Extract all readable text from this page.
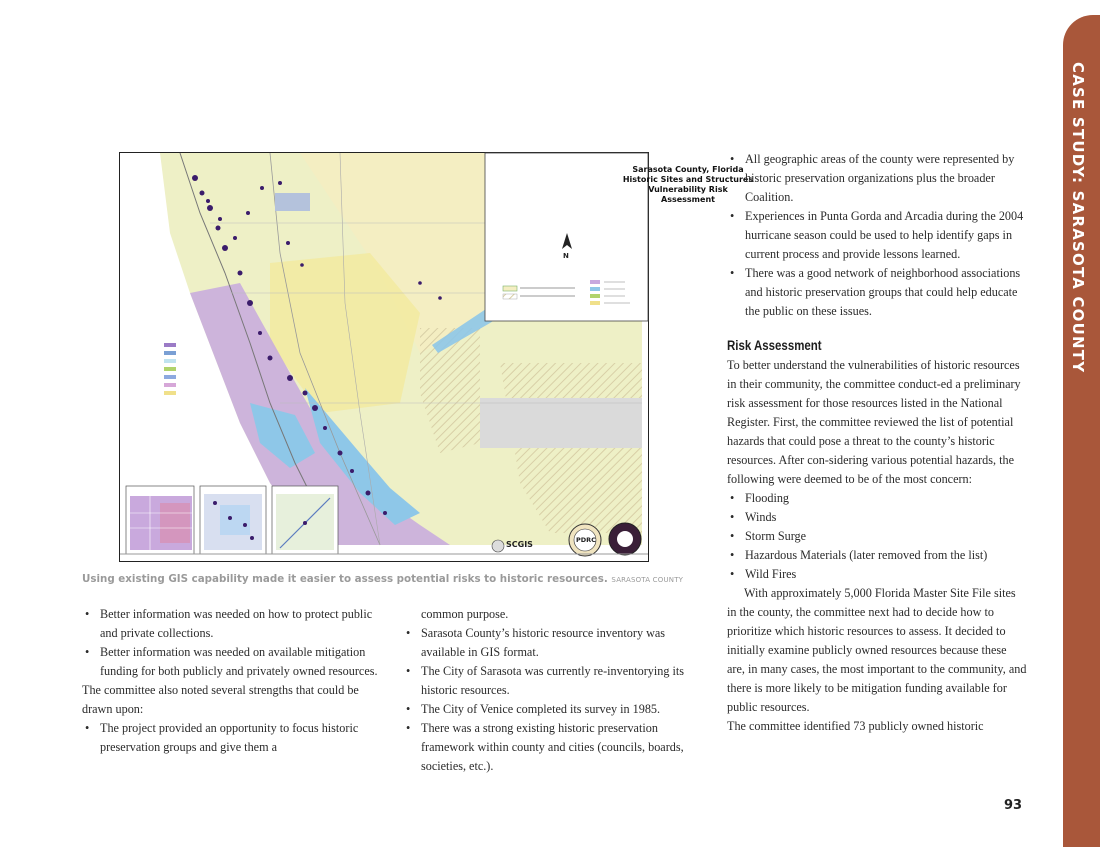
CASE STUDY: SARASOTA COUNTY
Sarasota County, Florida
Historic Sites and Structures
Vulnerability Risk Assessment
N
SCGIS	PDRC
Using existing GIS capability made it easier to assess potential risks to historic resources. SARASOTA COUNTY
• Better information was needed on how to protect public and private collections.
• Better information was needed on available mitigation funding for both publicly and privately owned resources.

The committee also noted several strengths that could be drawn upon:

• The project provided an opportunity to focus historic preservation groups and give them a

common purpose.

• Sarasota County’s historic resource inventory was available in GIS format.
• The City of Sarasota was currently re-inventorying its historic resources.
• The City of Venice completed its survey in 1985.
• There was a strong existing historic preservation framework within county and cities (councils, boards, societies, etc.).
• All geographic areas of the county were represented by historic preservation organizations plus the broader Coalition.
• Experiences in Punta Gorda and Arcadia during the 2004 hurricane season could be used to help identify gaps in current process and provide lessons learned.
• There was a good network of neighborhood associations and historic preservation groups that could help educate the public on these issues.
Risk Assessment

To better understand the vulnerabilities of historic resources in their community, the committee conduct-ed a preliminary risk assessment for those resources listed in the National Register. First, the committee reviewed the list of potential hazards that could pose a threat to the county’s historic resources. After con-sidering various potential hazards, the following were deemed to be of the most concern:

• Flooding
• Winds
• Storm Surge
• Hazardous Materials (later removed from the list)
• Wild Fires

With approximately 5,000 Florida Master Site File sites in the county, the committee next had to decide how to prioritize which historic resources to assess. It decided to initially examine publicly owned resources because these are, in many cases, the most important to the community, and there is more likely to be mitigation funding available for public resources.

The committee identified 73 publicly owned historic

93
